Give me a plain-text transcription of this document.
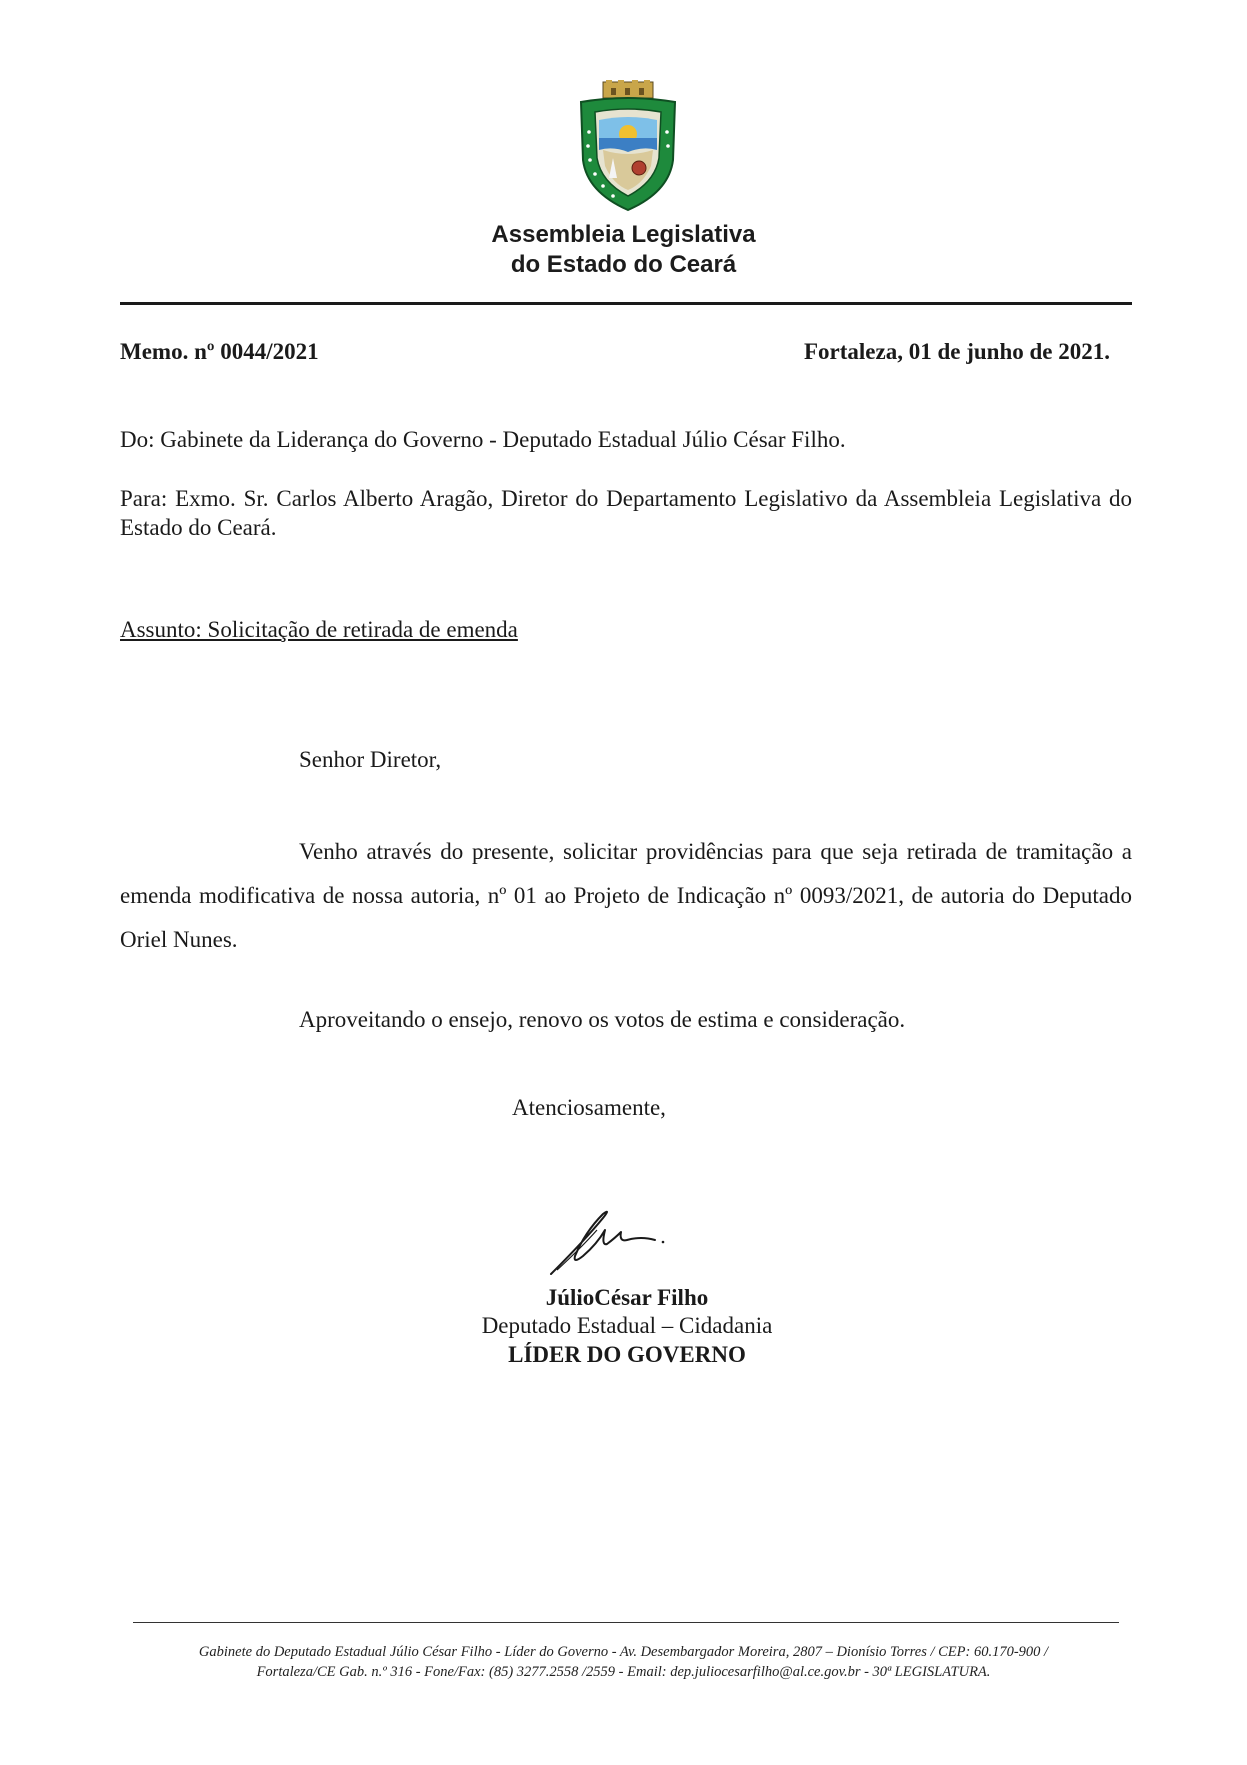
Assembleia Legislativa
do Estado do Ceará
Memo. nº 0044/2021	Fortaleza, 01 de junho de 2021.
Do: Gabinete da Liderança do Governo - Deputado Estadual Júlio César Filho.
Para: Exmo. Sr. Carlos Alberto Aragão, Diretor do Departamento Legislativo da Assembleia Legislativa do Estado do Ceará.
Assunto: Solicitação de retirada de emenda
Senhor Diretor,
Venho através do presente, solicitar providências para que seja retirada de tramitação a emenda modificativa de nossa autoria, nº 01 ao Projeto de Indicação nº 0093/2021, de autoria do Deputado Oriel Nunes.
Aproveitando o ensejo, renovo os votos de estima e consideração.
Atenciosamente,
JúlioCésar Filho
Deputado Estadual – Cidadania
LÍDER DO GOVERNO
Gabinete do Deputado Estadual Júlio César Filho - Líder do Governo - Av. Desembargador Moreira, 2807 – Dionísio Torres / CEP: 60.170-900 /
Fortaleza/CE Gab. n.º 316 - Fone/Fax: (85) 3277.2558 /2559 - Email: dep.juliocesarfilho@al.ce.gov.br - 30ª LEGISLATURA.
